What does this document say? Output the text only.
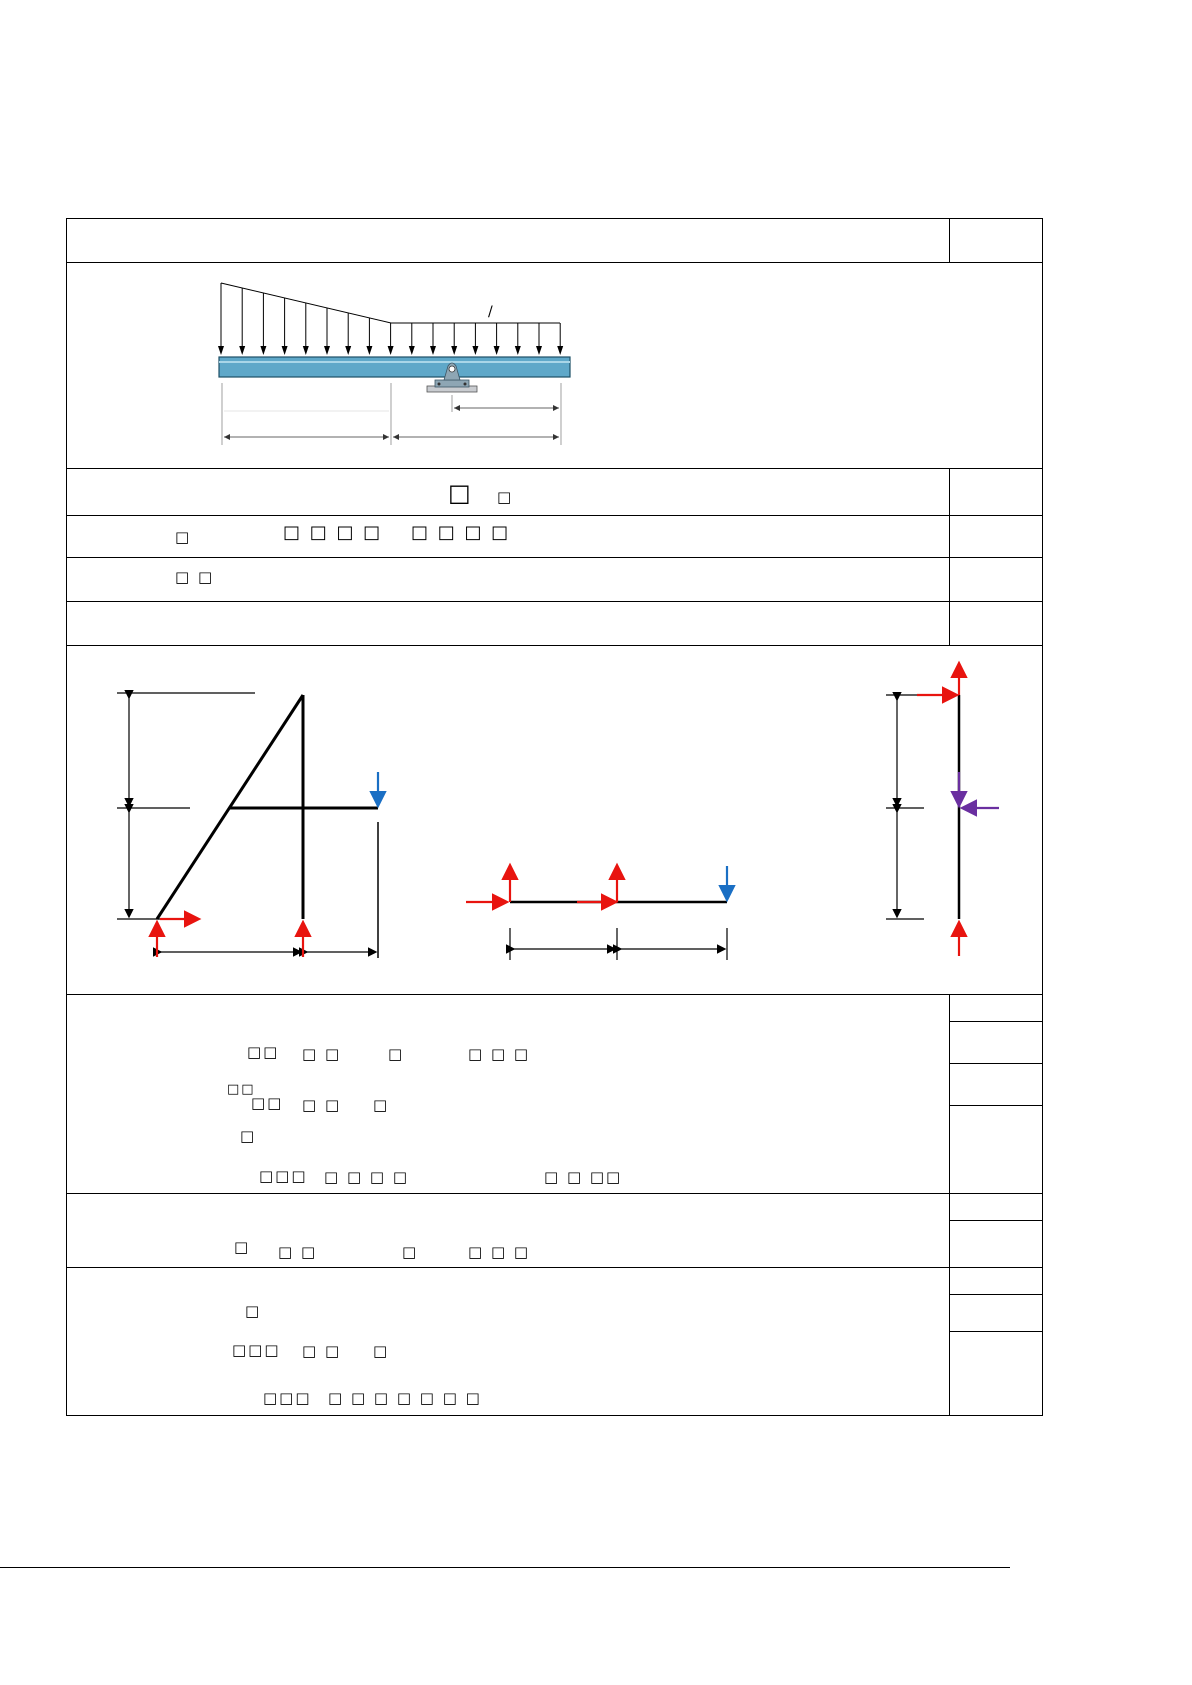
/
□ □
□	□ □ □ □ □ □ □ □
□ □
□□ □ □	□	□ □ □
□□
□□ □ □ □
□
□□□ □ □ □ □	□ □ □□
□ □ □	□	□ □ □
□
□□□ □ □ □
□□□ □ □ □ □ □ □ □
